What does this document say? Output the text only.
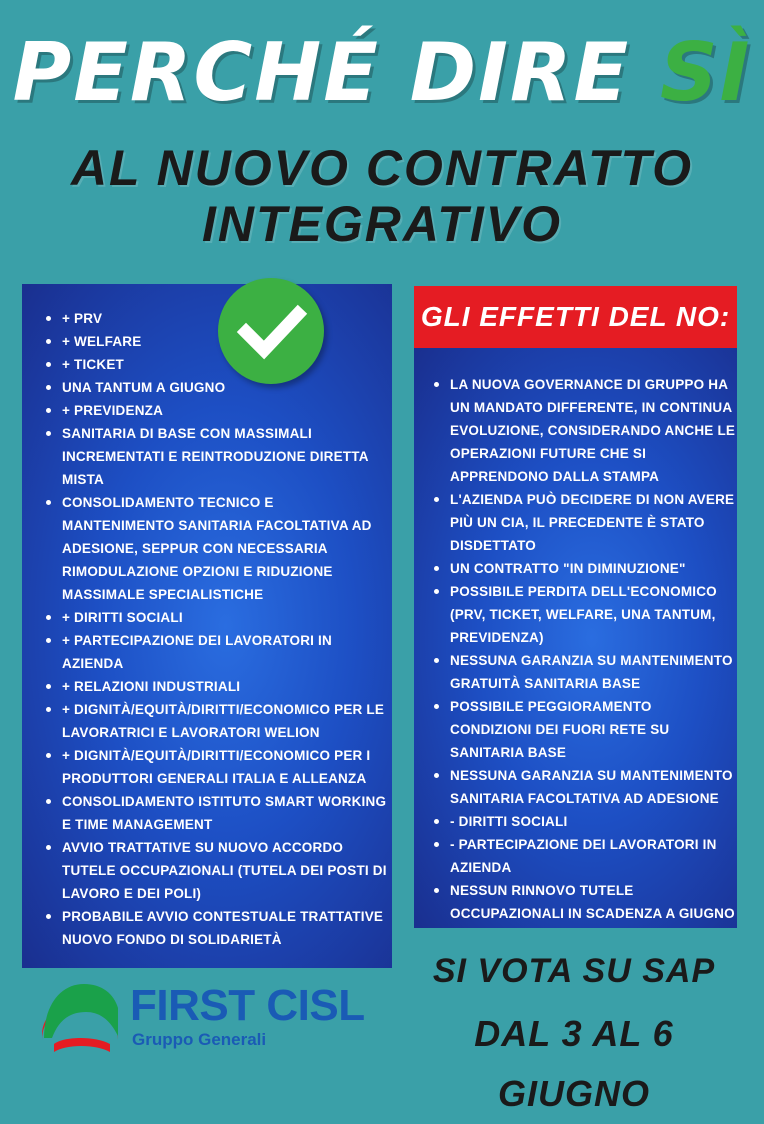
PERCHÉ DIRE SÌ
AL NUOVO CONTRATTO
INTEGRATIVO
+ PRV
+ WELFARE
+ TICKET
UNA TANTUM A GIUGNO
+ PREVIDENZA
SANITARIA DI BASE CON MASSIMALI INCREMENTATI E REINTRODUZIONE DIRETTA MISTA
CONSOLIDAMENTO TECNICO E MANTENIMENTO SANITARIA FACOLTATIVA AD ADESIONE, SEPPUR CON NECESSARIA RIMODULAZIONE OPZIONI E RIDUZIONE MASSIMALE SPECIALISTICHE
+ DIRITTI SOCIALI
+ PARTECIPAZIONE DEI LAVORATORI IN AZIENDA
+ RELAZIONI INDUSTRIALI
+ DIGNITÀ/EQUITÀ/DIRITTI/ECONOMICO PER LE LAVORATRICI E LAVORATORI WELION
+ DIGNITÀ/EQUITÀ/DIRITTI/ECONOMICO PER I PRODUTTORI GENERALI ITALIA E ALLEANZA
CONSOLIDAMENTO ISTITUTO SMART WORKING E TIME MANAGEMENT
AVVIO TRATTATIVE SU NUOVO ACCORDO TUTELE OCCUPAZIONALI (TUTELA DEI POSTI DI LAVORO E DEI POLI)
PROBABILE AVVIO CONTESTUALE TRATTATIVE NUOVO FONDO DI SOLIDARIETÀ
GLI EFFETTI DEL NO:
LA NUOVA GOVERNANCE DI GRUPPO HA UN MANDATO DIFFERENTE, IN CONTINUA EVOLUZIONE, CONSIDERANDO ANCHE LE OPERAZIONI FUTURE CHE SI APPRENDONO DALLA STAMPA
L'AZIENDA PUÒ DECIDERE DI NON AVERE PIÙ UN CIA, IL PRECEDENTE È STATO DISDETTATO
UN CONTRATTO "IN DIMINUZIONE"
POSSIBILE PERDITA DELL'ECONOMICO (PRV, TICKET, WELFARE, UNA TANTUM, PREVIDENZA)
NESSUNA GARANZIA SU MANTENIMENTO GRATUITÀ SANITARIA BASE
POSSIBILE PEGGIORAMENTO CONDIZIONI DEI FUORI RETE SU SANITARIA BASE
NESSUNA GARANZIA SU MANTENIMENTO SANITARIA FACOLTATIVA AD ADESIONE
- DIRITTI SOCIALI
- PARTECIPAZIONE DEI LAVORATORI IN AZIENDA
NESSUN RINNOVO TUTELE OCCUPAZIONALI IN SCADENZA A GIUGNO
SI VOTA SU SAP
DAL 3 AL 6 GIUGNO
FIRST CISL
Gruppo Generali
